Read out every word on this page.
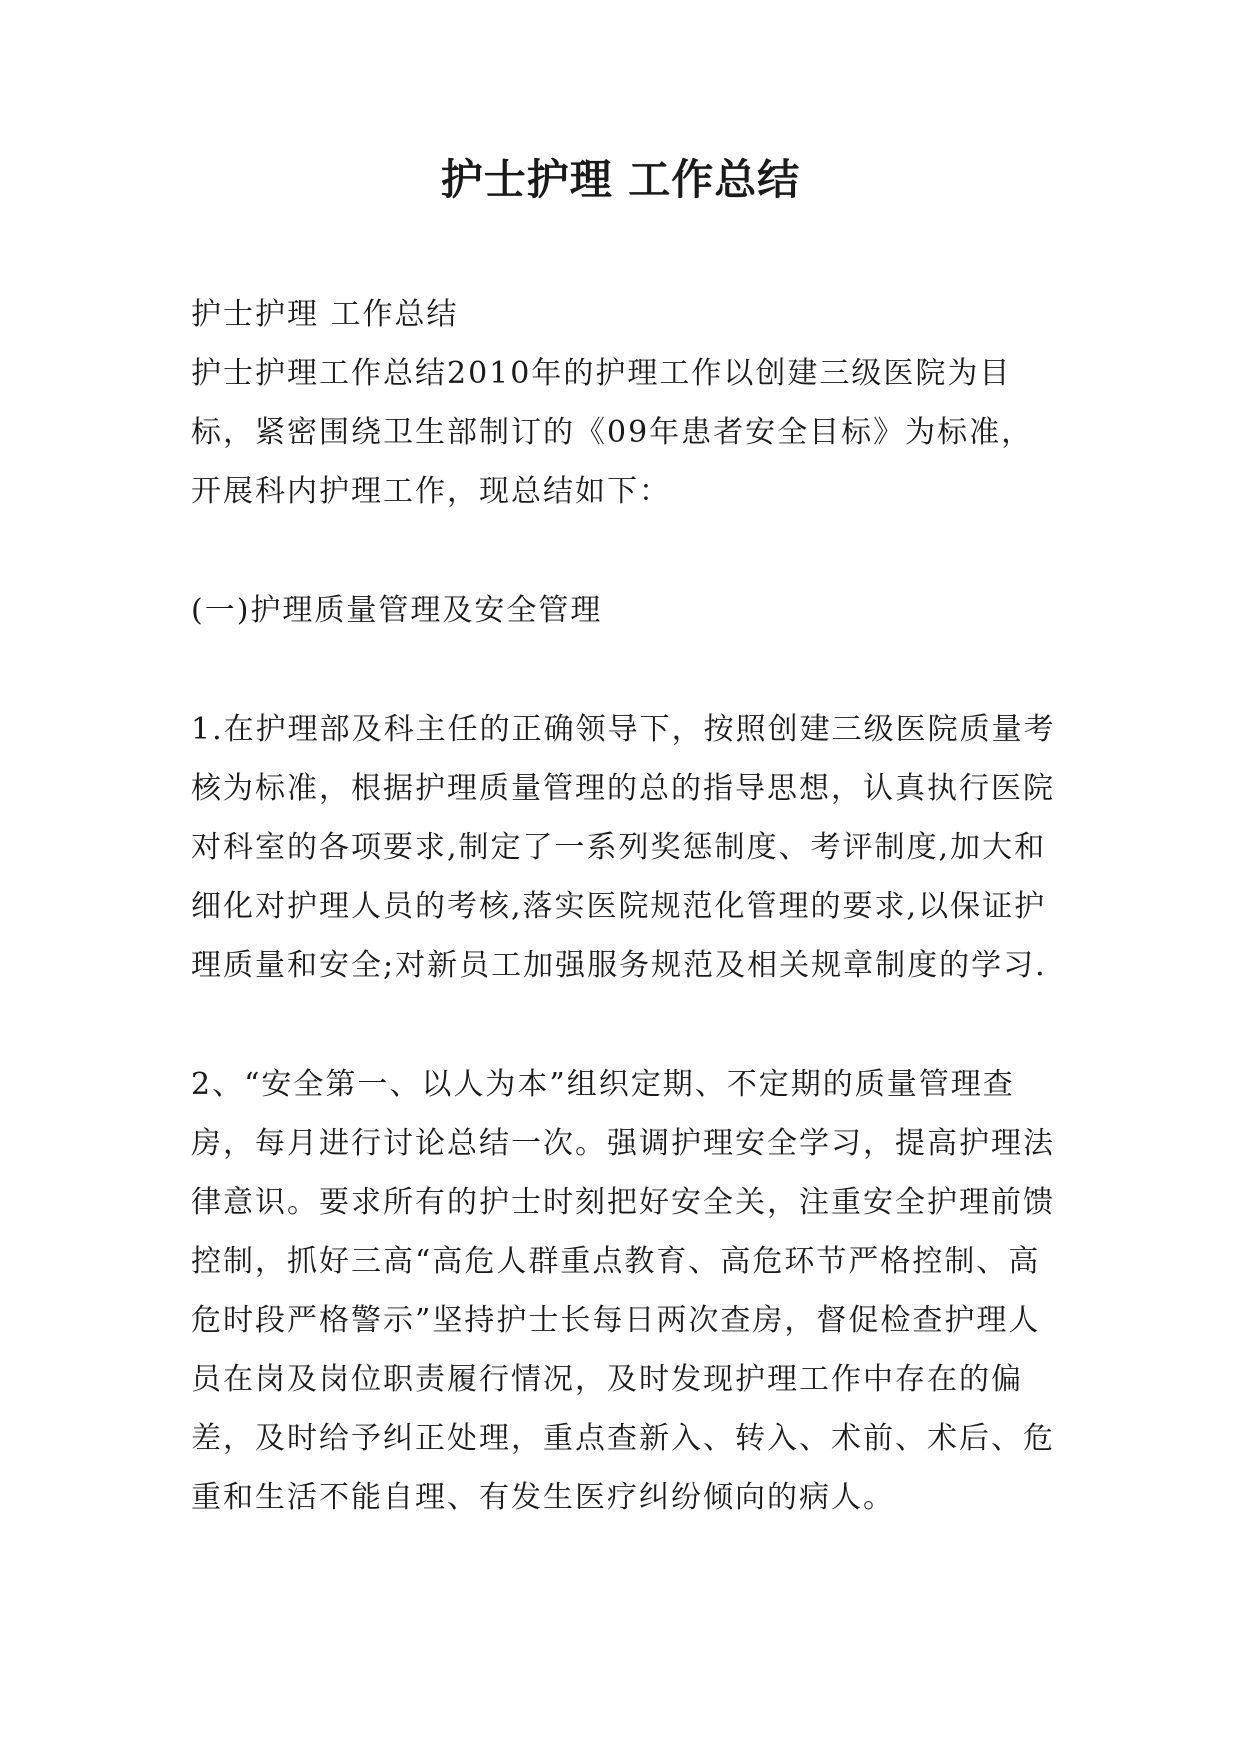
护士护理 工作总结

护士护理 工作总结

护士护理工作总结2010年的护理工作以创建三级医院为目标，紧密围绕卫生部制订的《09年患者安全目标》为标准，开展科内护理工作，现总结如下：

(一)护理质量管理及安全管理

1.在护理部及科主任的正确领导下，按照创建三级医院质量考核为标准，根据护理质量管理的总的指导思想，认真执行医院对科室的各项要求,制定了一系列奖惩制度、考评制度,加大和细化对护理人员的考核,落实医院规范化管理的要求,以保证护理质量和安全;对新员工加强服务规范及相关规章制度的学习.

2、“安全第一、以人为本”组织定期、不定期的质量管理查房，每月进行讨论总结一次。强调护理安全学习，提高护理法律意识。要求所有的护士时刻把好安全关，注重安全护理前馈控制，抓好三高“高危人群重点教育、高危环节严格控制、高危时段严格警示”坚持护士长每日两次查房，督促检查护理人员在岗及岗位职责履行情况，及时发现护理工作中存在的偏差，及时给予纠正处理，重点查新入、转入、术前、术后、危重和生活不能自理、有发生医疗纠纷倾向的病人。
